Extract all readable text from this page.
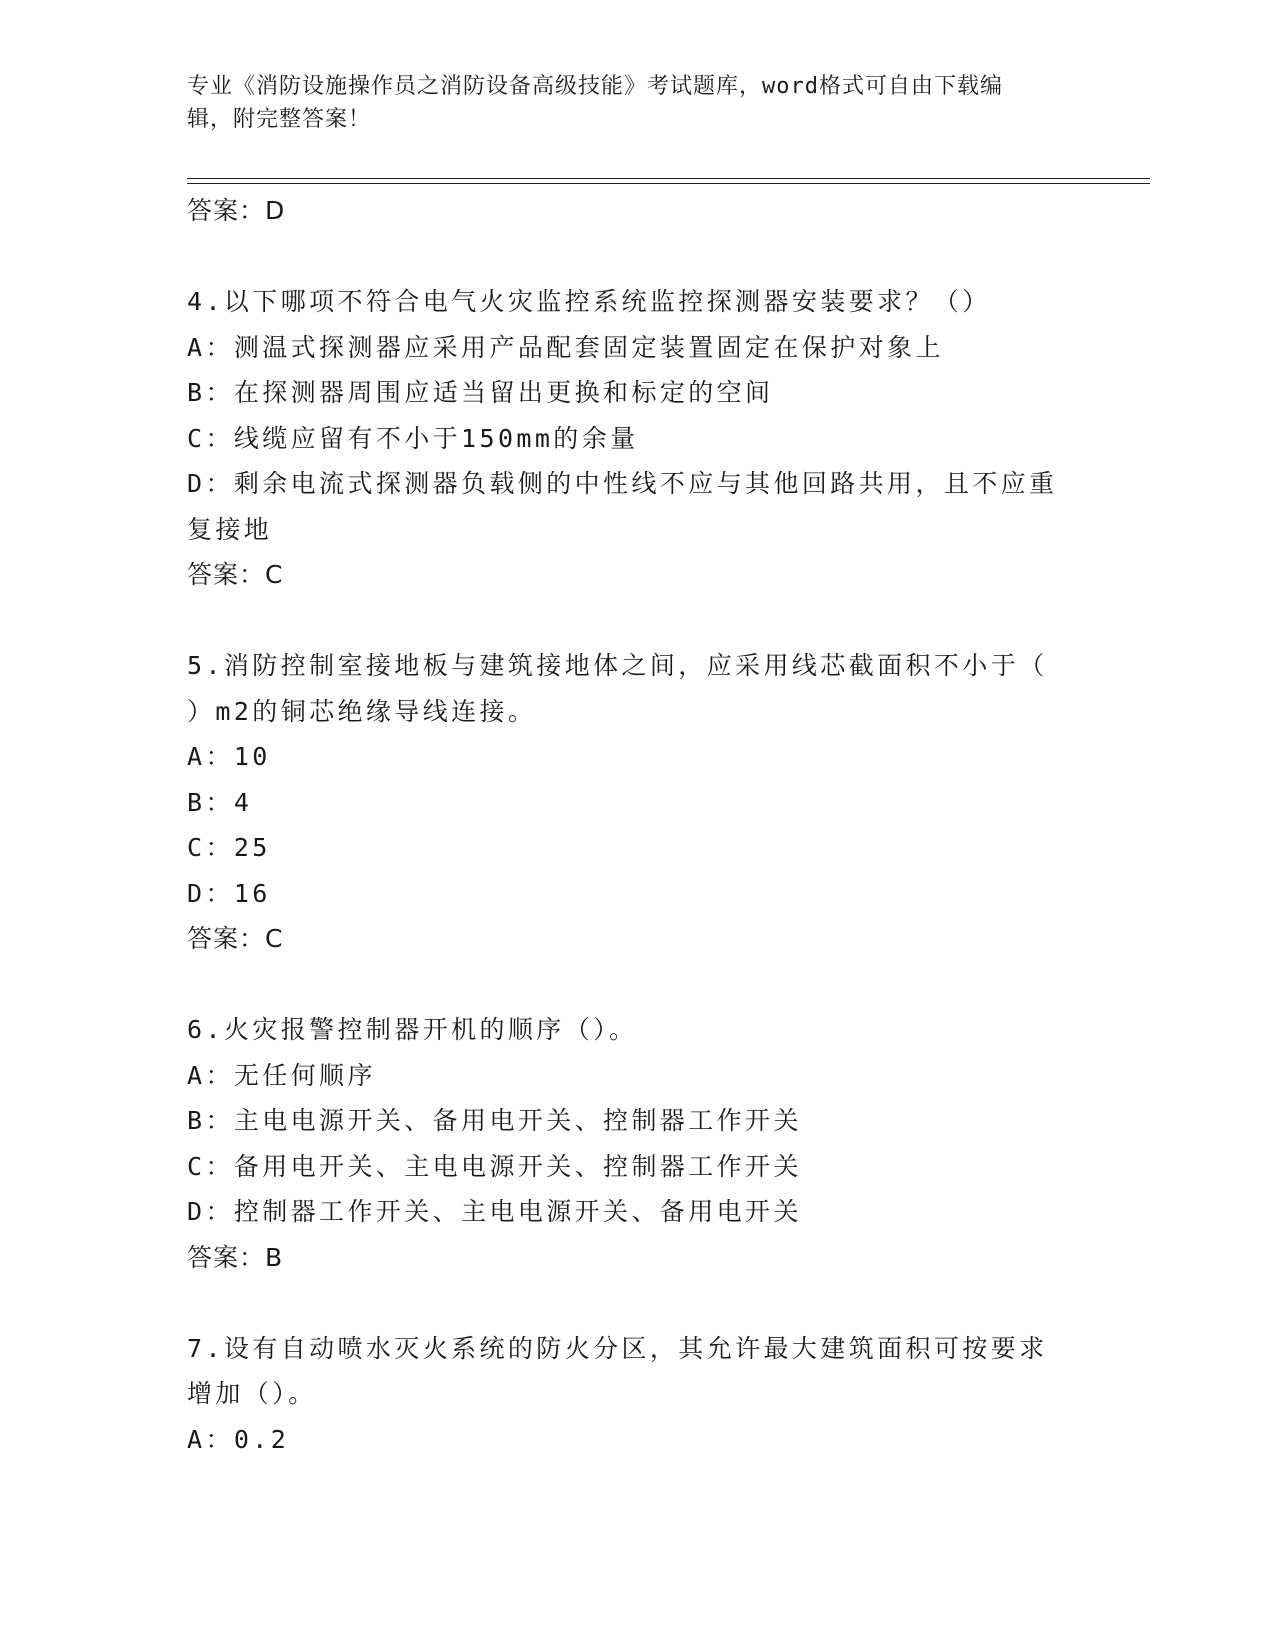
专业《消防设施操作员之消防设备高级技能》考试题库，word格式可自由下载编
辑，附完整答案！
答案：D
4.以下哪项不符合电气火灾监控系统监控探测器安装要求？（）
A：测温式探测器应采用产品配套固定装置固定在保护对象上
B：在探测器周围应适当留出更换和标定的空间
C：线缆应留有不小于150mm的余量
D：剩余电流式探测器负载侧的中性线不应与其他回路共用，且不应重
复接地
答案：C
5.消防控制室接地板与建筑接地体之间，应采用线芯截面积不小于（
）m2的铜芯绝缘导线连接。
A：10
B：4
C：25
D：16
答案：C
6.火灾报警控制器开机的顺序（）。
A：无任何顺序
B：主电电源开关、备用电开关、控制器工作开关
C：备用电开关、主电电源开关、控制器工作开关
D：控制器工作开关、主电电源开关、备用电开关
答案：B
7.设有自动喷水灭火系统的防火分区，其允许最大建筑面积可按要求
增加（）。
A：0.2
